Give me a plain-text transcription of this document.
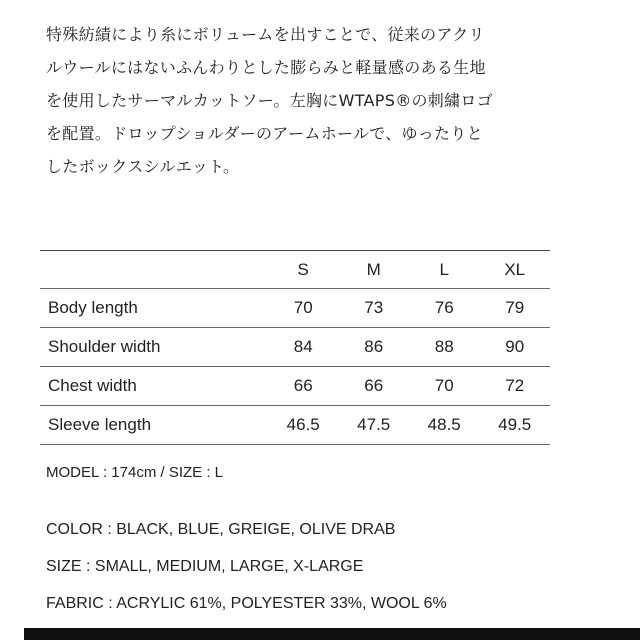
特殊紡績により糸にボリュームを出すことで、従来のアクリ
ルウールにはないふんわりとした膨らみと軽量感のある生地
を使用したサーマルカットソー。左胸にWTAPS®の刺繍ロゴ
を配置。ドロップショルダーのアームホールで、ゆったりと
したボックスシルエット。
	S	M	L	XL
Body length	70	73	76	79
Shoulder width	84	86	88	90
Chest width	66	66	70	72
Sleeve length	46.5	47.5	48.5	49.5
MODEL : 174cm / SIZE : L
COLOR : BLACK, BLUE, GREIGE, OLIVE DRAB
SIZE : SMALL, MEDIUM, LARGE, X-LARGE
FABRIC : ACRYLIC 61%, POLYESTER 33%, WOOL 6%
